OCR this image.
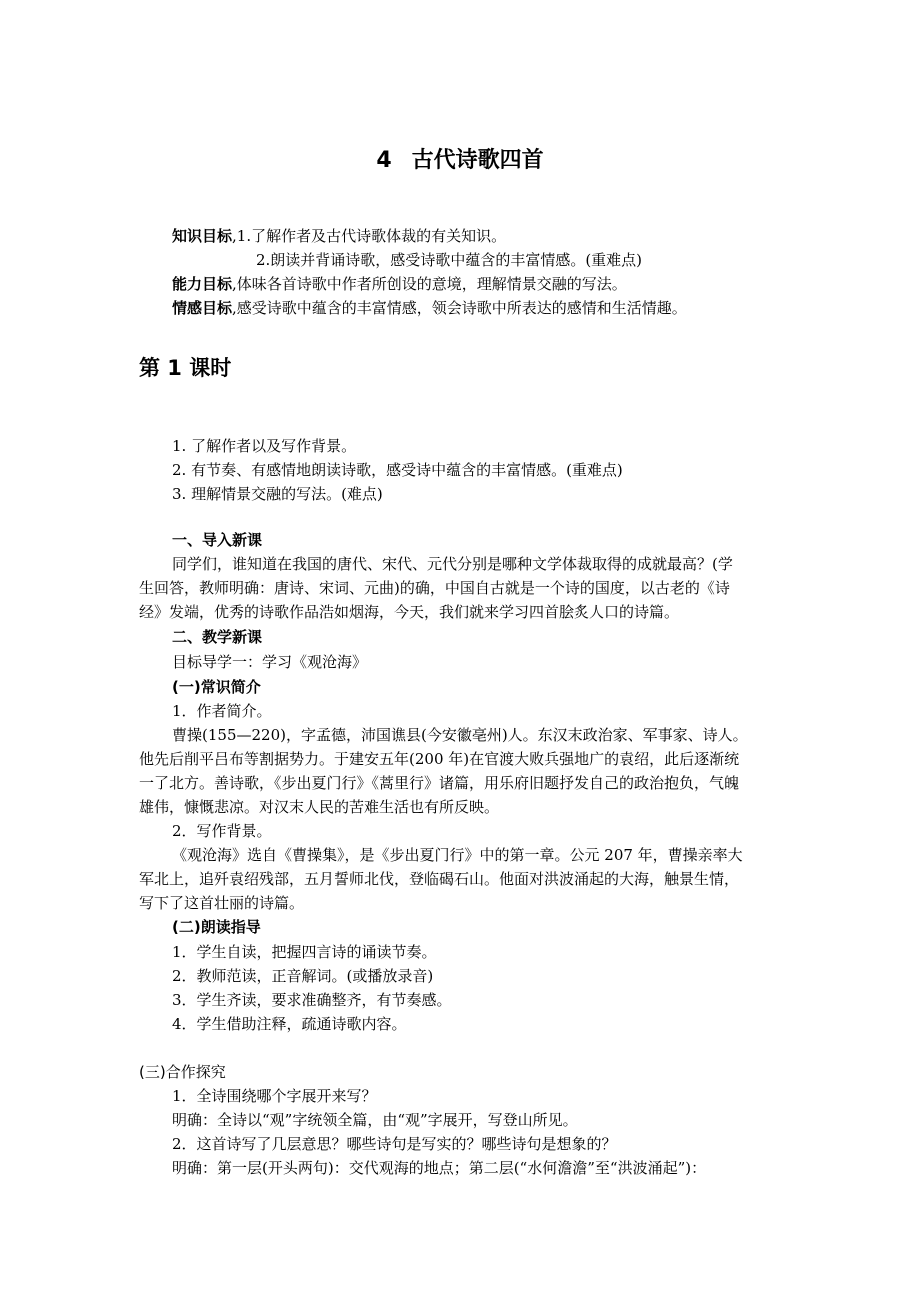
4 古代诗歌四首
知识目标,1.了解作者及古代诗歌体裁的有关知识。
2.朗读并背诵诗歌，感受诗歌中蕴含的丰富情感。(重难点)
能力目标,体味各首诗歌中作者所创设的意境，理解情景交融的写法。
情感目标,感受诗歌中蕴含的丰富情感，领会诗歌中所表达的感情和生活情趣。
第 1 课时
1. 了解作者以及写作背景。
2. 有节奏、有感情地朗读诗歌，感受诗中蕴含的丰富情感。(重难点)
3. 理解情景交融的写法。(难点)
一、导入新课
同学们，谁知道在我国的唐代、宋代、元代分别是哪种文学体裁取得的成就最高？(学
生回答，教师明确：唐诗、宋词、元曲)的确，中国自古就是一个诗的国度，以古老的《诗
经》发端，优秀的诗歌作品浩如烟海，今天，我们就来学习四首脍炙人口的诗篇。
二、教学新课
目标导学一：学习《观沧海》
(一)常识简介
1．作者简介。
曹操(155—220)，字孟德，沛国谯县(今安徽亳州)人。东汉末政治家、军事家、诗人。
他先后削平吕布等割据势力。于建安五年(200 年)在官渡大败兵强地广的袁绍，此后逐渐统
一了北方。善诗歌，《步出夏门行》《蒿里行》诸篇，用乐府旧题抒发自己的政治抱负，气魄
雄伟，慷慨悲凉。对汉末人民的苦难生活也有所反映。
2．写作背景。
《观沧海》选自《曹操集》，是《步出夏门行》中的第一章。公元 207 年，曹操亲率大
军北上，追歼袁绍残部，五月誓师北伐，登临碣石山。他面对洪波涌起的大海，触景生情，
写下了这首壮丽的诗篇。
(二)朗读指导
1．学生自读，把握四言诗的诵读节奏。
2．教师范读，正音解词。(或播放录音)
3．学生齐读，要求准确整齐，有节奏感。
4．学生借助注释，疏通诗歌内容。
(三)合作探究
1．全诗围绕哪个字展开来写？
明确：全诗以“观”字统领全篇，由“观”字展开，写登山所见。
2．这首诗写了几层意思？哪些诗句是写实的？哪些诗句是想象的？
明确：第一层(开头两句)：交代观海的地点；第二层(“水何澹澹”至“洪波涌起”)：
